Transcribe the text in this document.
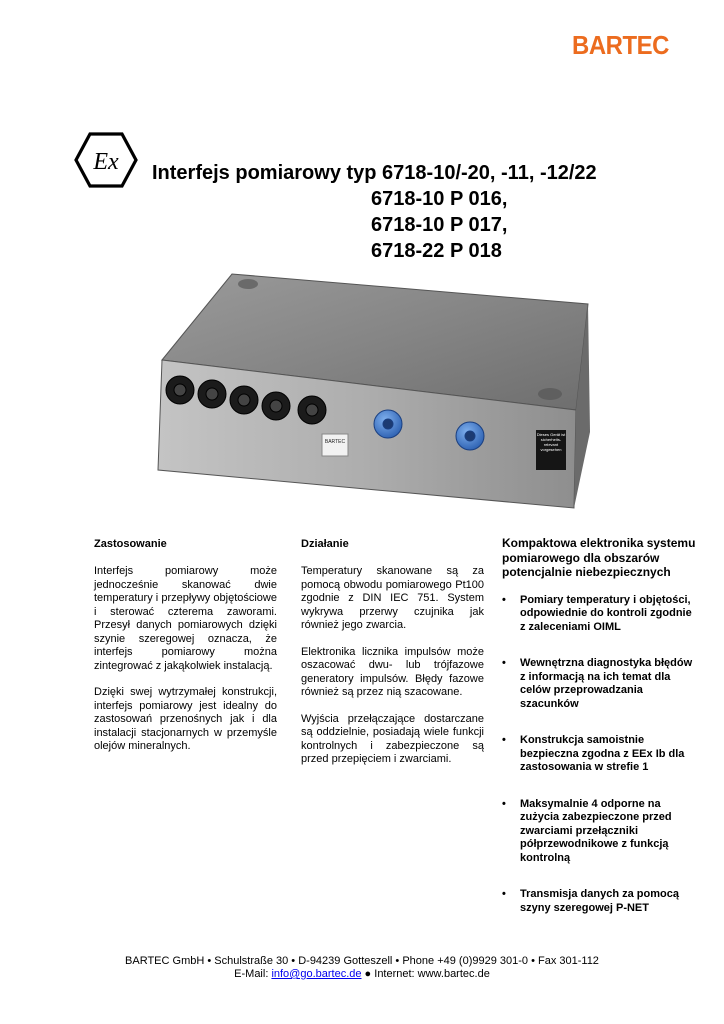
BARTEC
Ex Interfejs pomiarowy typ 6718-10/-20, -11, -12/22
6718-10 P 016,
6718-10 P 017,
6718-22 P 018
BARTEC
Dieses Gerät ist sicherheits-relevant vorgesehen
Zastosowanie

Interfejs pomiarowy może jednocześnie skanować dwie temperatury i przepływy objętościowe i sterować czterema zaworami. Przesył danych pomiarowych dzięki szynie szeregowej oznacza, że interfejs pomiarowy można zintegrować z jakąkolwiek instalacją.

Dzięki swej wytrzymałej konstrukcji, interfejs pomiarowy jest idealny do zastosowań przenośnych jak i dla instalacji stacjonarnych w przemyśle olejów mineralnych.

Działanie

Temperatury skanowane są za pomocą obwodu pomiarowego Pt100 zgodnie z DIN IEC 751. System wykrywa przerwy czujnika jak również jego zwarcia.

Elektronika licznika impulsów może oszacować dwu- lub trójfazowe generatory impulsów. Błędy fazowe również są przez nią szacowane.

Wyjścia przełączające dostarczane są oddzielnie, posiadają wiele funkcji kontrolnych i zabezpieczone są przed przepięciem i zwarciami.

Kompaktowa elektronika systemu pomiarowego dla obszarów potencjalnie niebezpiecznych
• Pomiary temperatury i objętości, odpowiednie do kontroli zgodnie z zaleceniami OIML
• Wewnętrzna diagnostyka błędów z informacją na ich temat dla celów przeprowadzania szacunków
• Konstrukcja samoistnie bezpieczna zgodna z EEx Ib dla zastosowania w strefie 1
• Maksymalnie 4 odporne na zużycia zabezpieczone przed zwarciami przełączniki półprzewodnikowe z funkcją kontrolną
• Transmisja danych za pomocą szyny szeregowej P-NET
BARTEC GmbH • Schulstraße 30 • D-94239 Gotteszell • Phone +49 (0)9929 301-0 • Fax 301-112
E-Mail: info@go.bartec.de ● Internet: www.bartec.de
